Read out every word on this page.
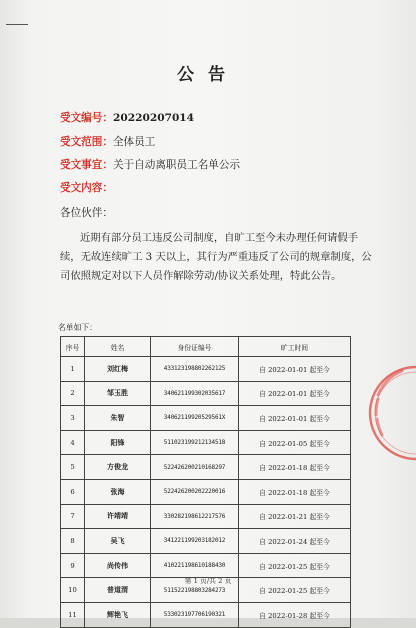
公告
受文编号：20220207014
受文范围：全体员工
受文事宜：关于自动离职员工名单公示
受文内容：
各位伙伴：
近期有部分员工违反公司制度，自旷工至今未办理任何请假手
续，无故连续旷工 3 天以上，其行为严重违反了公司的规章制度，公
司依照规定对以下人员作解除劳动/协议关系处理，特此公告。
名单如下：
序号	姓名	身份证编号	旷工时间
1	刘红梅	433123198802262125	自 2022-01-01 起至今
2	邹玉胜	340621199302035617	自 2022-01-01 起至今
3	朱智	34062119920529561X	自 2022-01-01 起至今
4	阳锋	511023199212134518	自 2022-01-05 起至今
5	方俊龙	522426200210168297	自 2022-01-18 起至今
6	张海	522426200202220016	自 2022-01-18 起至今
7	许靖靖	330282198612217576	自 2022-01-21 起至今
8	吴飞	341221199203182012	自 2022-01-24 起至今
9	尚传伟	410221198610188430	自 2022-01-25 起至今
10	普道渭	511522198803284273	自 2022-01-25 起至今
11	辉艳飞	533023197706190321	自 2022-01-28 起至今
第 1 页/共 2 页
